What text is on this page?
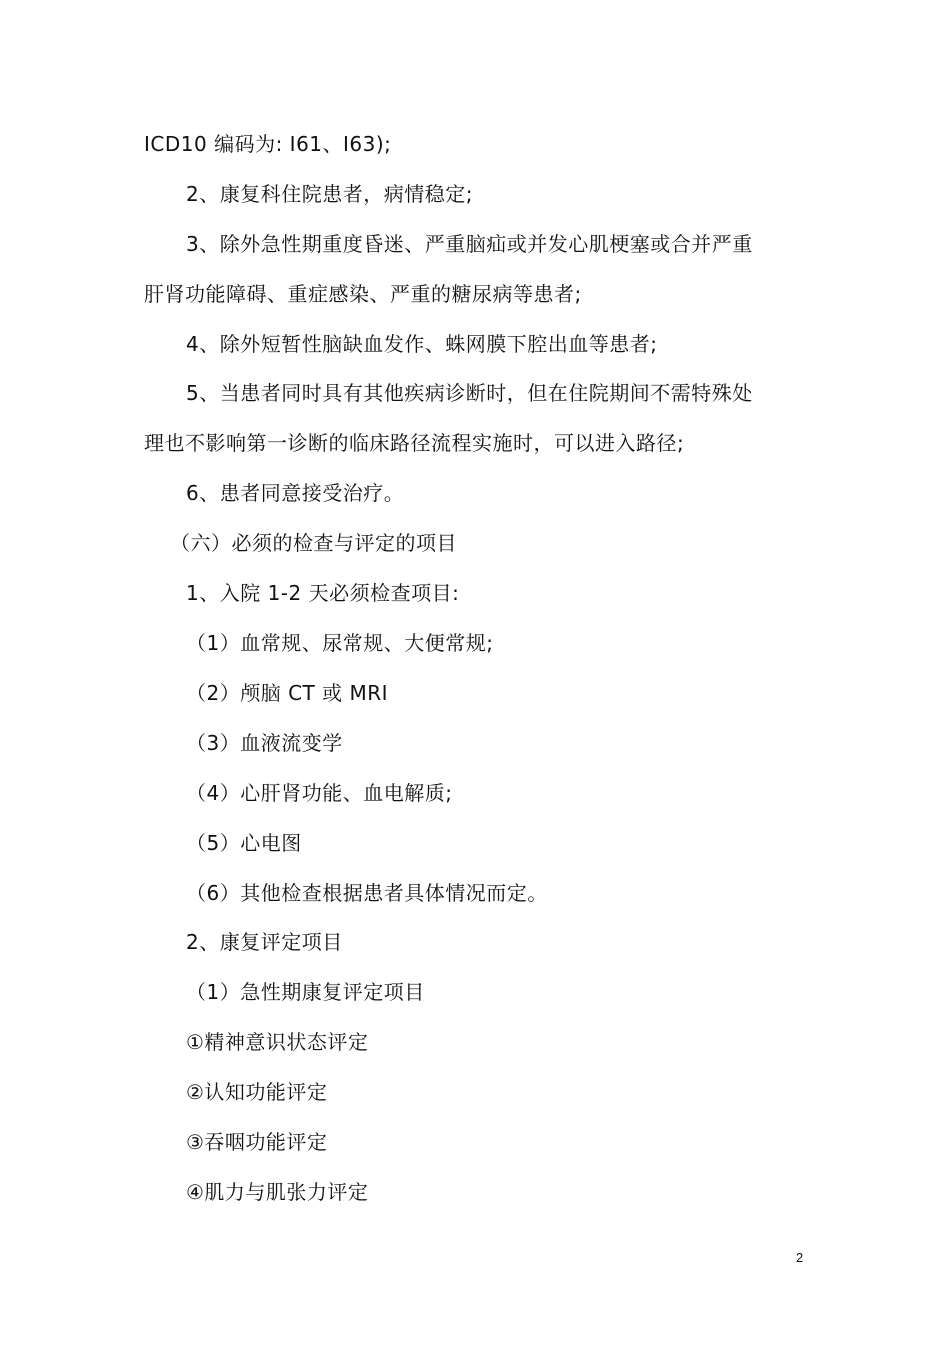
ICD10 编码为: I61、I63);
2、康复科住院患者，病情稳定;
3、除外急性期重度昏迷、严重脑疝或并发心肌梗塞或合并严重
肝肾功能障碍、重症感染、严重的糖尿病等患者;
4、除外短暂性脑缺血发作、蛛网膜下腔出血等患者;
5、当患者同时具有其他疾病诊断时，但在住院期间不需特殊处
理也不影响第一诊断的临床路径流程实施时，可以进入路径;
6、患者同意接受治疗。
（六）必须的检查与评定的项目
1、入院 1-2 天必须检查项目:
（1）血常规、尿常规、大便常规;
（2）颅脑 CT 或 MRI
（3）血液流变学
（4）心肝肾功能、血电解质;
（5）心电图
（6）其他检查根据患者具体情况而定。
2、康复评定项目
（1）急性期康复评定项目
①精神意识状态评定
②认知功能评定
③吞咽功能评定
④肌力与肌张力评定
2
